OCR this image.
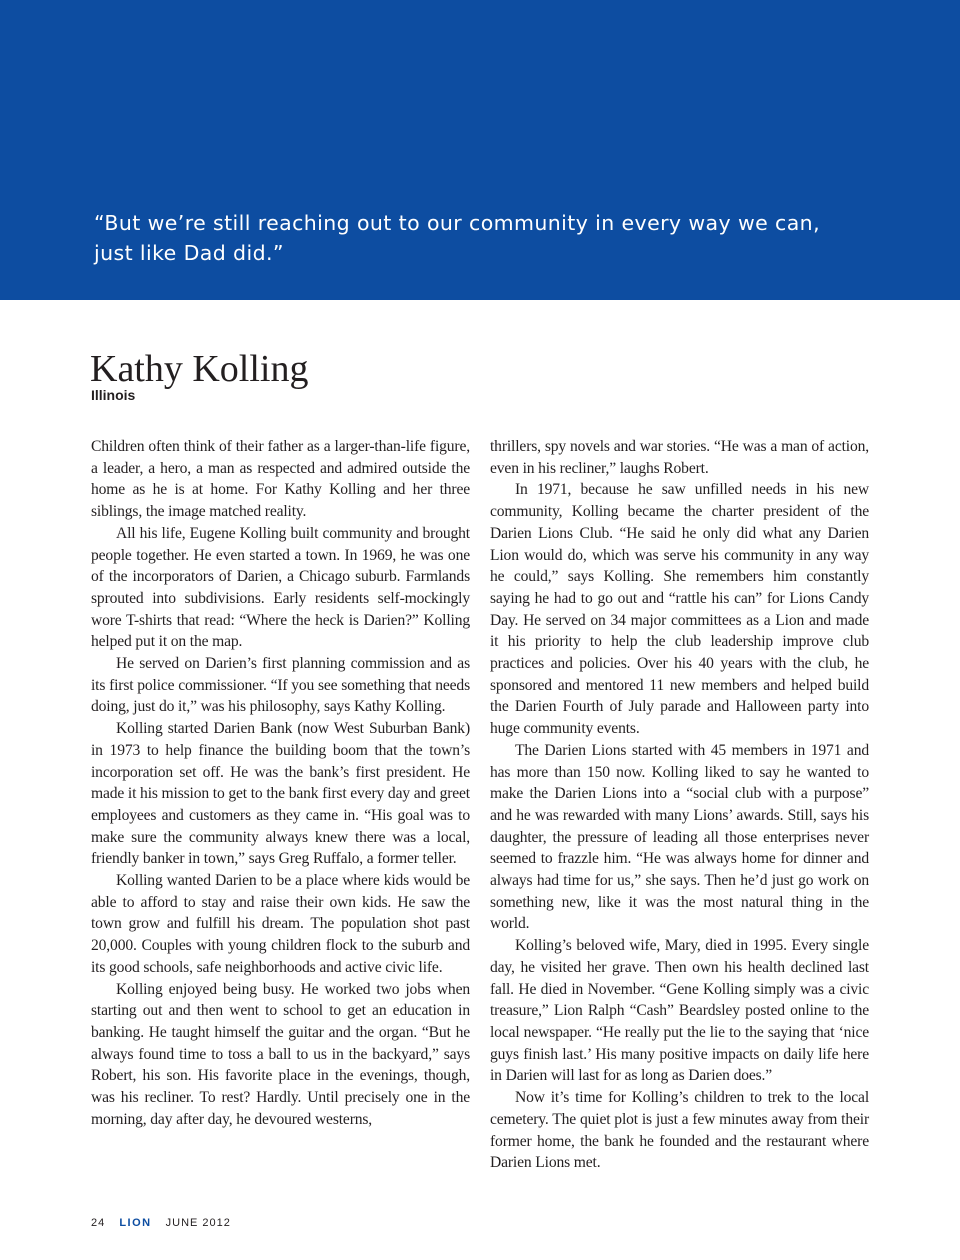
“But we’re still reaching out to our community in every way we can,
just like Dad did.”
Kathy Kolling
Illinois

Children often think of their father as a larger-than-life figure, a leader, a hero, a man as respected and admired outside the home as he is at home. For Kathy Kolling and her three siblings, the image matched reality.

All his life, Eugene Kolling built community and brought people together. He even started a town. In 1969, he was one of the incorporators of Darien, a Chicago suburb. Farmlands sprouted into subdivisions. Early residents self-mockingly wore T-shirts that read: “Where the heck is Darien?” Kolling helped put it on the map.

He served on Darien’s first planning commission and as its first police commissioner. “If you see something that needs doing, just do it,” was his philosophy, says Kathy Kolling.

Kolling started Darien Bank (now West Suburban Bank) in 1973 to help finance the building boom that the town’s incorporation set off. He was the bank’s first president. He made it his mission to get to the bank first every day and greet employees and customers as they came in. “His goal was to make sure the community always knew there was a local, friendly banker in town,” says Greg Ruffalo, a former teller.

Kolling wanted Darien to be a place where kids would be able to afford to stay and raise their own kids. He saw the town grow and fulfill his dream. The population shot past 20,000. Couples with young children flock to the suburb and its good schools, safe neighborhoods and active civic life.

Kolling enjoyed being busy. He worked two jobs when starting out and then went to school to get an education in banking. He taught himself the guitar and the organ. “But he always found time to toss a ball to us in the backyard,” says Robert, his son. His favorite place in the evenings, though, was his recliner. To rest? Hardly. Until precisely one in the morning, day after day, he devoured westerns,

thrillers, spy novels and war stories. “He was a man of action, even in his recliner,” laughs Robert.

In 1971, because he saw unfilled needs in his new community, Kolling became the charter president of the Darien Lions Club. “He said he only did what any Darien Lion would do, which was serve his community in any way he could,” says Kolling. She remembers him constantly saying he had to go out and “rattle his can” for Lions Candy Day. He served on 34 major committees as a Lion and made it his priority to help the club leadership improve club practices and policies. Over his 40 years with the club, he sponsored and mentored 11 new members and helped build the Darien Fourth of July parade and Halloween party into huge community events.

The Darien Lions started with 45 members in 1971 and has more than 150 now. Kolling liked to say he wanted to make the Darien Lions into a “social club with a purpose” and he was rewarded with many Lions’ awards. Still, says his daughter, the pressure of leading all those enterprises never seemed to frazzle him. “He was always home for dinner and always had time for us,” she says. Then he’d just go work on something new, like it was the most natural thing in the world.

Kolling’s beloved wife, Mary, died in 1995. Every single day, he visited her grave. Then own his health declined last fall. He died in November. “Gene Kolling simply was a civic treasure,” Lion Ralph “Cash” Beardsley posted online to the local newspaper. “He really put the lie to the saying that ‘nice guys finish last.’ His many positive impacts on daily life here in Darien will last for as long as Darien does.”

Now it’s time for Kolling’s children to trek to the local cemetery. The quiet plot is just a few minutes away from their former home, the bank he founded and the restaurant where Darien Lions met.

24 LION JUNE 2012
